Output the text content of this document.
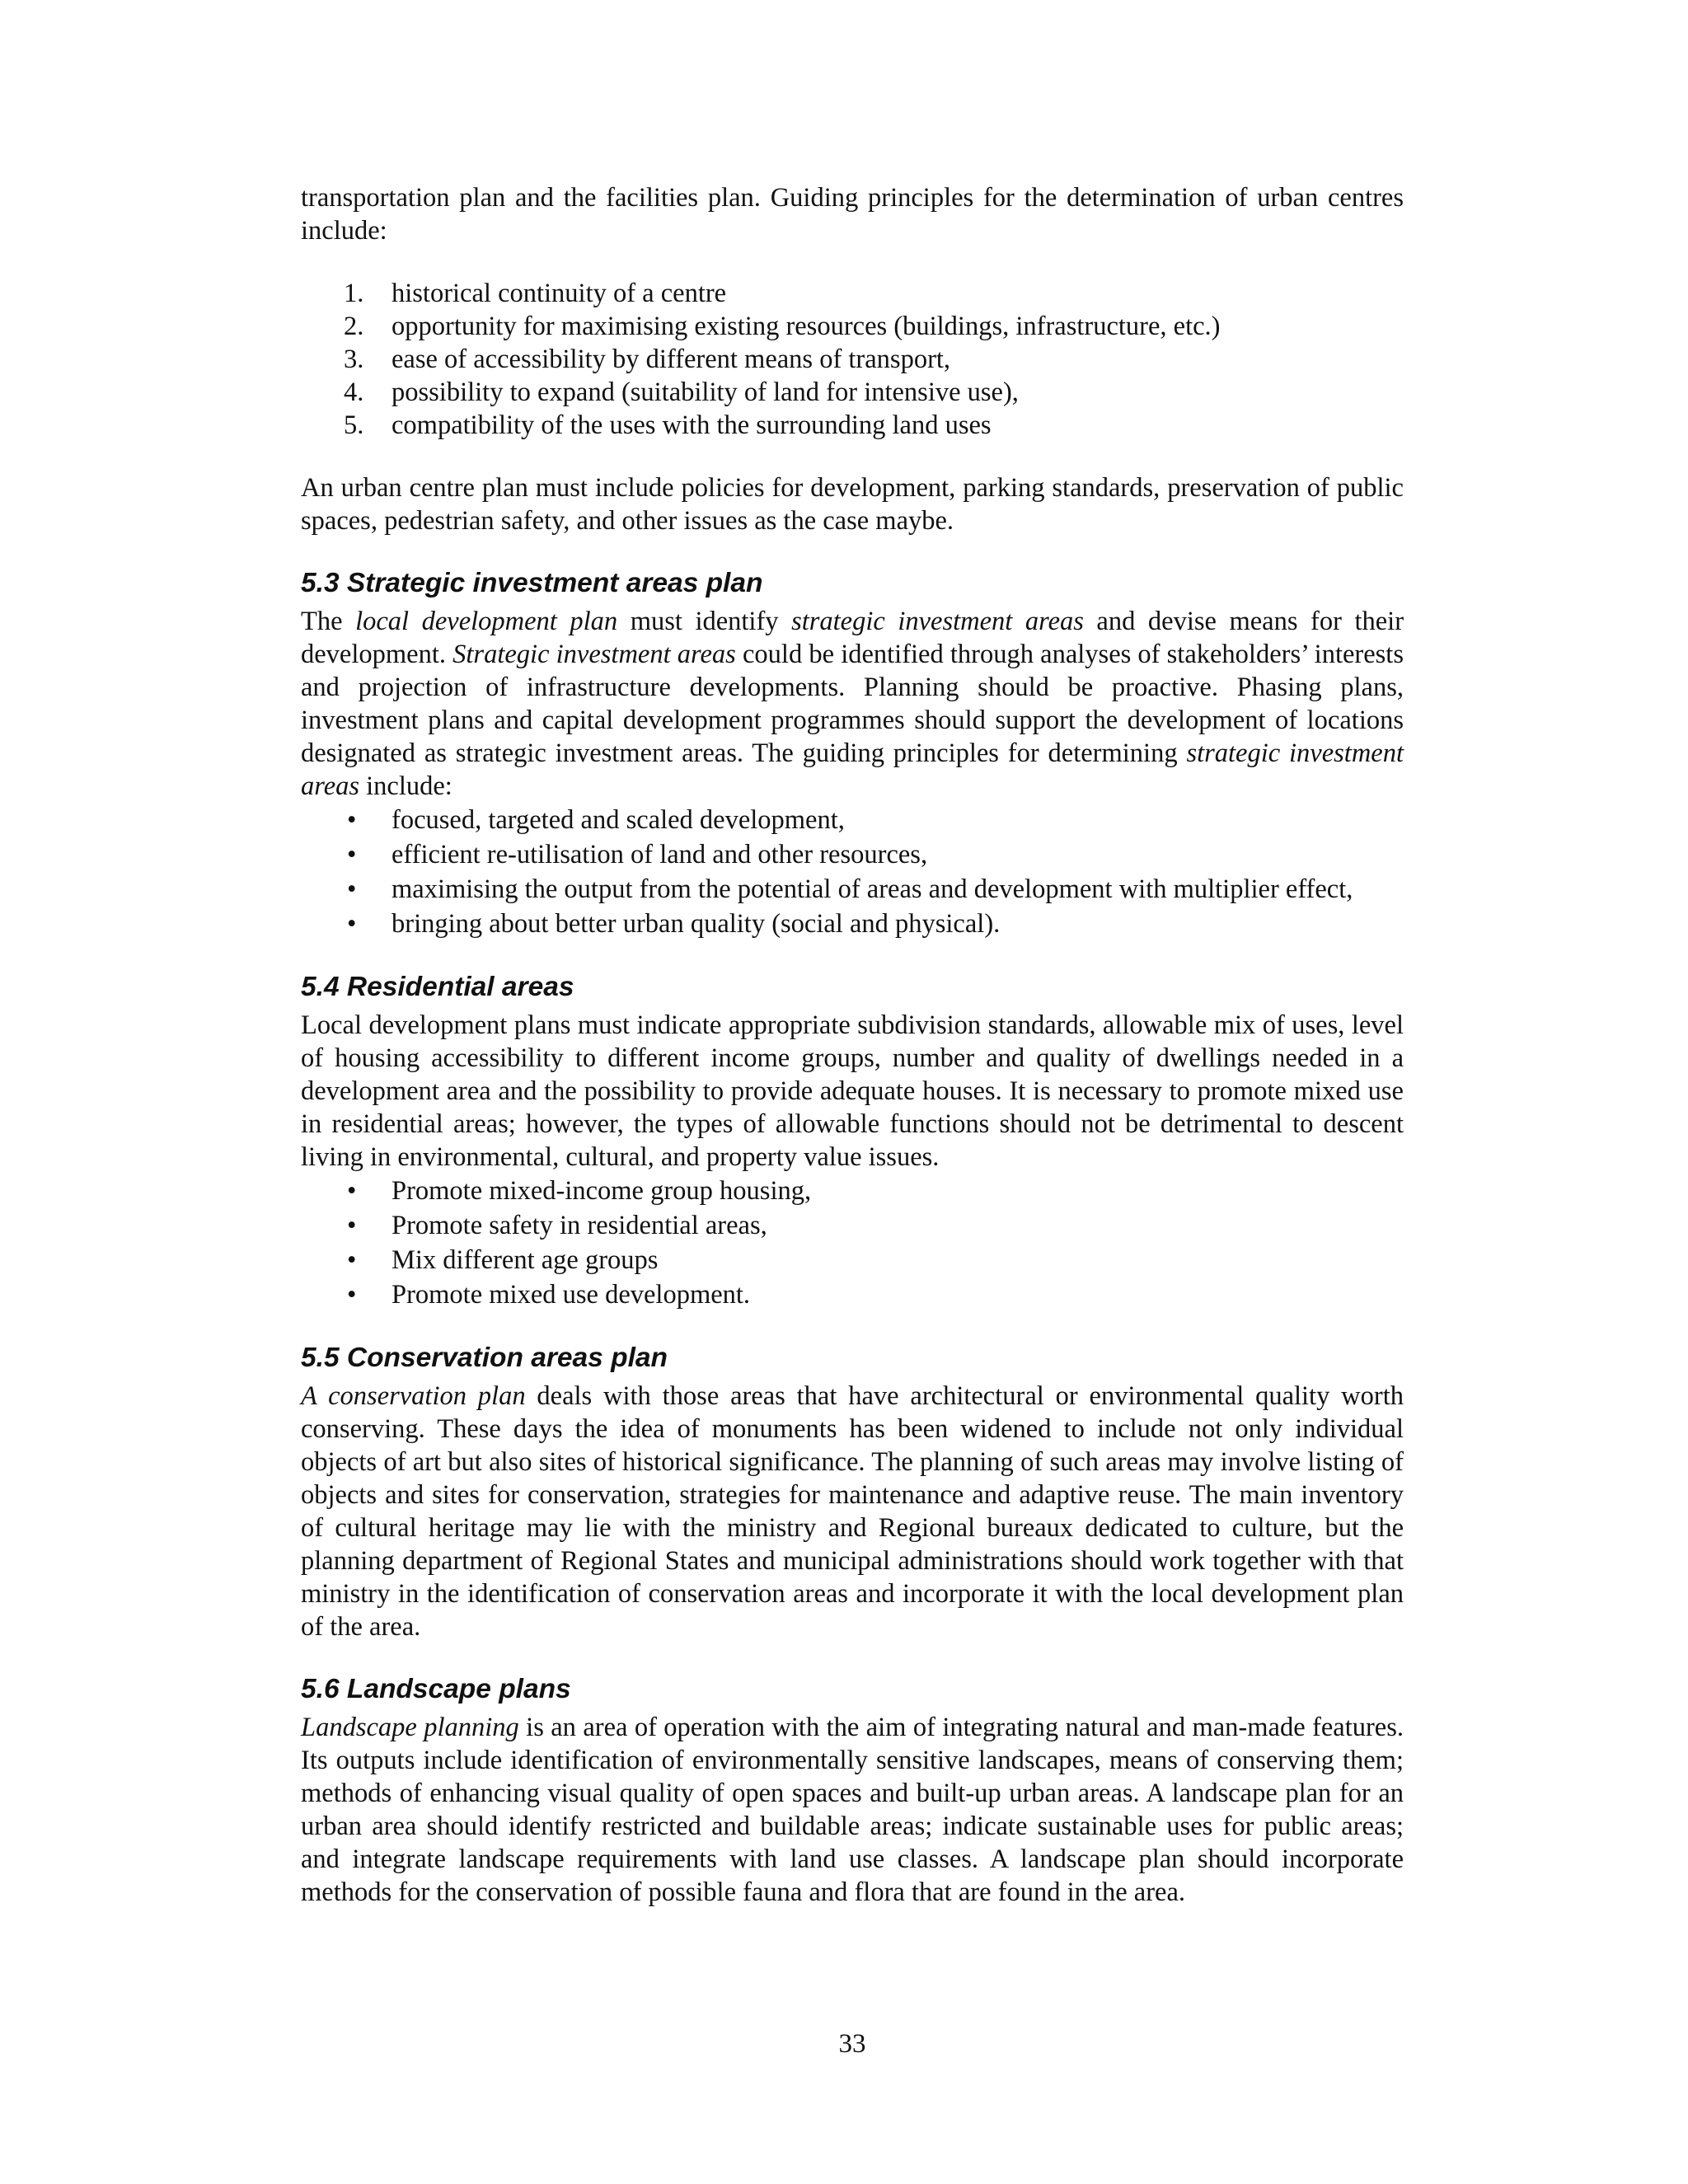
transportation plan and the facilities plan. Guiding principles for the determination of urban centres include:

1. historical continuity of a centre
2. opportunity for maximising existing resources (buildings, infrastructure, etc.)
3. ease of accessibility by different means of transport,
4. possibility to expand (suitability of land for intensive use),
5. compatibility of the uses with the surrounding land uses

An urban centre plan must include policies for development, parking standards, preservation of public spaces, pedestrian safety, and other issues as the case maybe.

5.3 Strategic investment areas plan

The local development plan must identify strategic investment areas and devise means for their development. Strategic investment areas could be identified through analyses of stakeholders’ interests and projection of infrastructure developments. Planning should be proactive. Phasing plans, investment plans and capital development programmes should support the development of locations designated as strategic investment areas. The guiding principles for determining strategic investment areas include:

• focused, targeted and scaled development,
• efficient re-utilisation of land and other resources,
• maximising the output from the potential of areas and development with multiplier effect,
• bringing about better urban quality (social and physical).
5.4 Residential areas

Local development plans must indicate appropriate subdivision standards, allowable mix of uses, level of housing accessibility to different income groups, number and quality of dwellings needed in a development area and the possibility to provide adequate houses. It is necessary to promote mixed use in residential areas; however, the types of allowable functions should not be detrimental to descent living in environmental, cultural, and property value issues.

• Promote mixed-income group housing,
• Promote safety in residential areas,
• Mix different age groups
• Promote mixed use development.
5.5 Conservation areas plan

A conservation plan deals with those areas that have architectural or environmental quality worth conserving. These days the idea of monuments has been widened to include not only individual objects of art but also sites of historical significance. The planning of such areas may involve listing of objects and sites for conservation, strategies for maintenance and adaptive reuse. The main inventory of cultural heritage may lie with the ministry and Regional bureaux dedicated to culture, but the planning department of Regional States and municipal administrations should work together with that ministry in the identification of conservation areas and incorporate it with the local development plan of the area.

5.6 Landscape plans

Landscape planning is an area of operation with the aim of integrating natural and man-made features. Its outputs include identification of environmentally sensitive landscapes, means of conserving them; methods of enhancing visual quality of open spaces and built-up urban areas. A landscape plan for an urban area should identify restricted and buildable areas; indicate sustainable uses for public areas; and integrate landscape requirements with land use classes. A landscape plan should incorporate methods for the conservation of possible fauna and flora that are found in the area.

33
